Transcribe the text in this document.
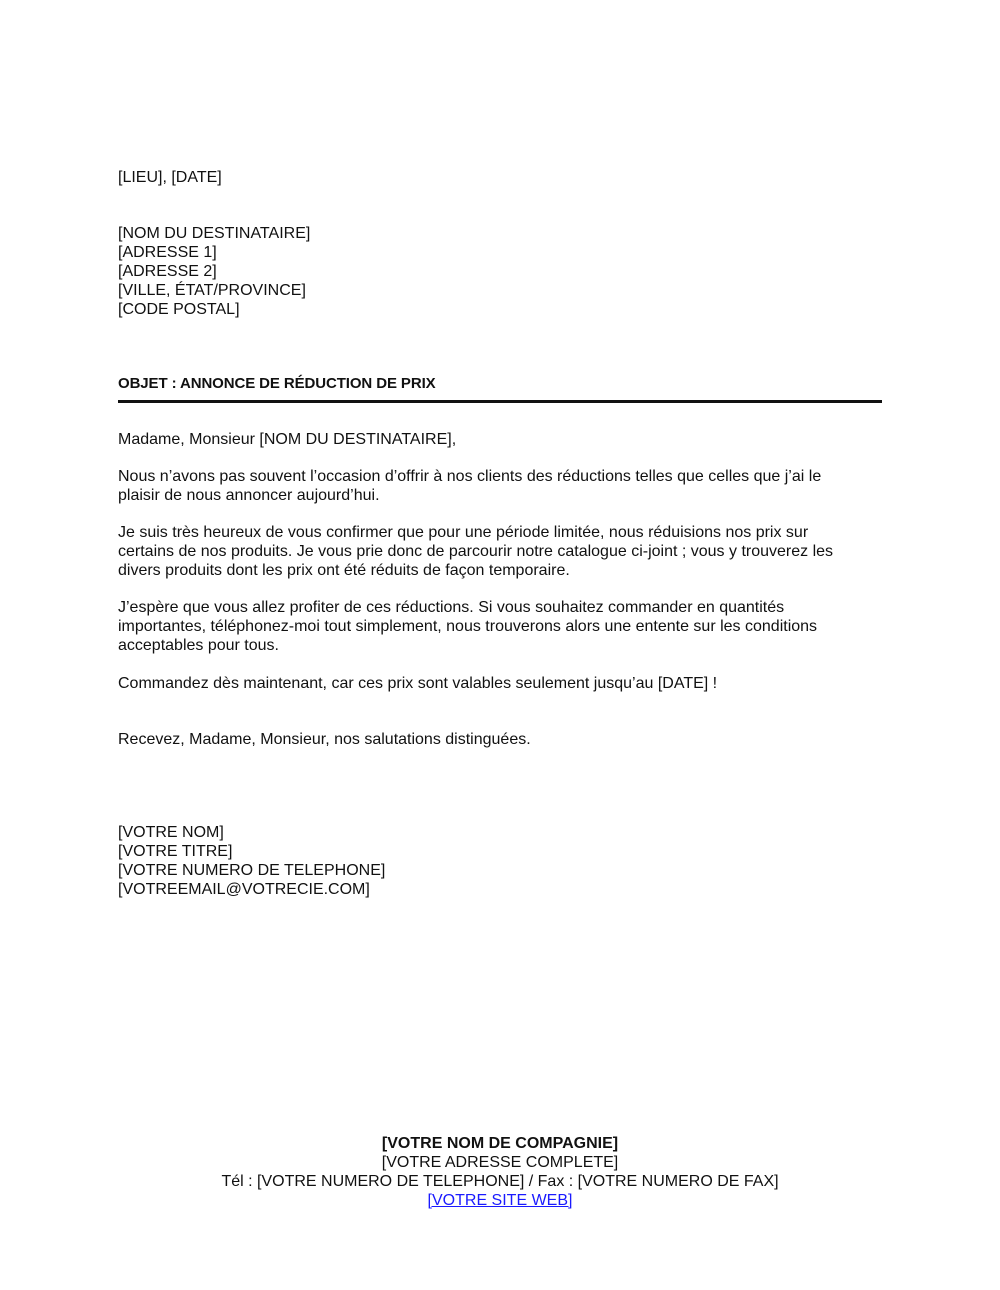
[LIEU], [DATE]
[NOM DU DESTINATAIRE]
[ADRESSE 1]
[ADRESSE 2]
[VILLE, ÉTAT/PROVINCE]
[CODE POSTAL]
OBJET : ANNONCE DE RÉDUCTION DE PRIX
Madame, Monsieur [NOM DU DESTINATAIRE],
Nous n’avons pas souvent l’occasion d’offrir à nos clients des réductions telles que celles que j’ai le
plaisir de nous annoncer aujourd’hui.
Je suis très heureux de vous confirmer que pour une période limitée, nous réduisions nos prix sur
certains de nos produits. Je vous prie donc de parcourir notre catalogue ci-joint ; vous y trouverez les
divers produits dont les prix ont été réduits de façon temporaire.
J’espère que vous allez profiter de ces réductions. Si vous souhaitez commander en quantités
importantes, téléphonez-moi tout simplement, nous trouverons alors une entente sur les conditions
acceptables pour tous.
Commandez dès maintenant, car ces prix sont valables seulement jusqu’au [DATE] !
Recevez, Madame, Monsieur, nos salutations distinguées.
[VOTRE NOM]
[VOTRE TITRE]
[VOTRE NUMERO DE TELEPHONE]
[VOTREEMAIL@VOTRECIE.COM]
[VOTRE NOM DE COMPAGNIE]
[VOTRE ADRESSE COMPLETE]
Tél : [VOTRE NUMERO DE TELEPHONE] / Fax : [VOTRE NUMERO DE FAX]
[VOTRE SITE WEB]
